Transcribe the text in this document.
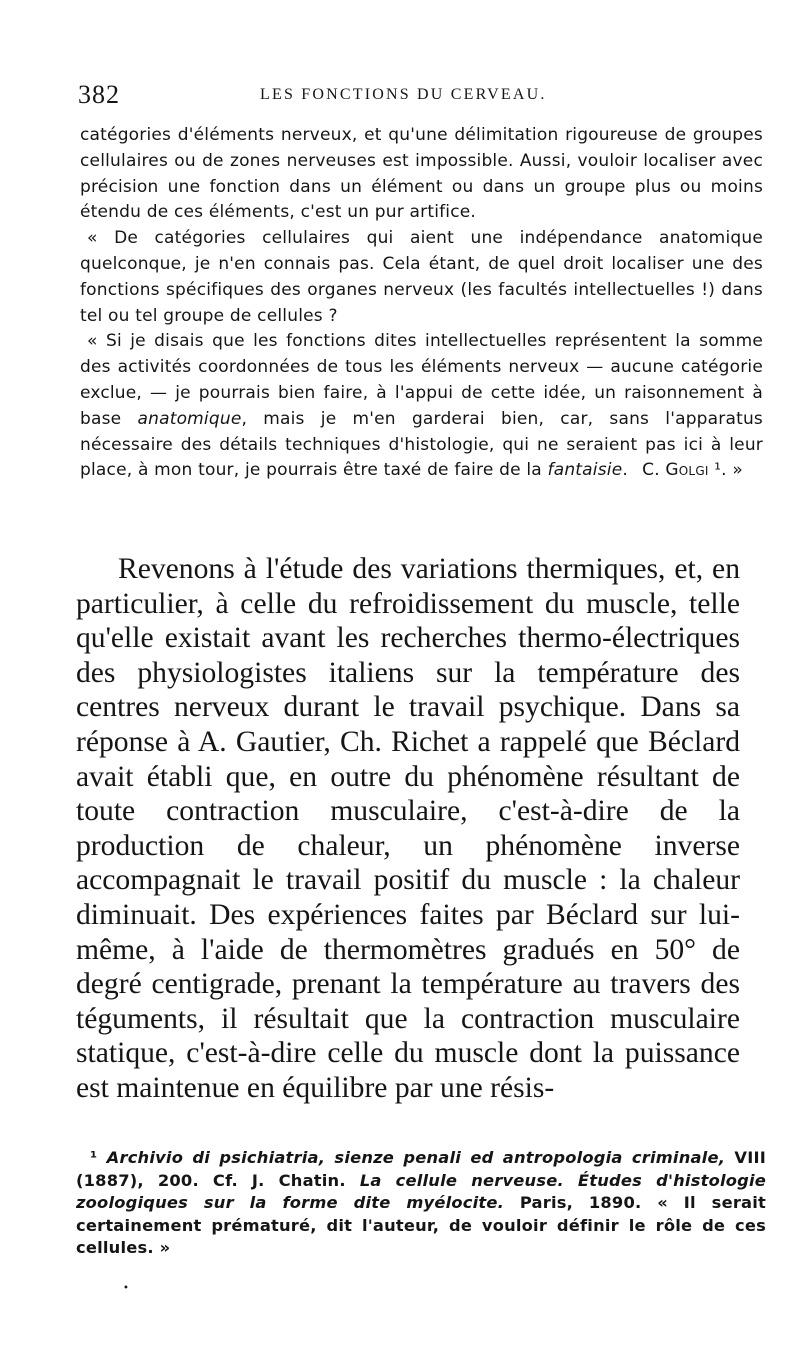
382	LES FONCTIONS DU CERVEAU.

catégories d'éléments nerveux, et qu'une délimitation rigoureuse de groupes cellulaires ou de zones nerveuses est impossible. Aussi, vouloir localiser avec précision une fonction dans un élément ou dans un groupe plus ou moins étendu de ces éléments, c'est un pur artifice.

« De catégories cellulaires qui aient une indépendance anatomique quelconque, je n'en connais pas. Cela étant, de quel droit localiser une des fonctions spécifiques des organes nerveux (les facultés intellectuelles !) dans tel ou tel groupe de cellules ?

« Si je disais que les fonctions dites intellectuelles représentent la somme des activités coordonnées de tous les éléments nerveux — aucune catégorie exclue, — je pourrais bien faire, à l'appui de cette idée, un raisonnement à base anatomique, mais je m'en garderai bien, car, sans l'apparatus nécessaire des détails techniques d'histologie, qui ne seraient pas ici à leur place, à mon tour, je pourrais être taxé de faire de la fantaisie. C. Golgi ¹. »

Revenons à l'étude des variations thermiques, et, en particulier, à celle du refroidissement du muscle, telle qu'elle existait avant les recherches thermo-électriques des physiologistes italiens sur la température des centres nerveux durant le travail psychique. Dans sa réponse à A. Gautier, Ch. Richet a rappelé que Béclard avait établi que, en outre du phénomène résultant de toute contraction musculaire, c'est-à-dire de la production de chaleur, un phénomène inverse accompagnait le travail positif du muscle : la chaleur diminuait. Des expériences faites par Béclard sur lui-même, à l'aide de thermomètres gradués en 50° de degré centigrade, prenant la température au travers des téguments, il résultait que la contraction musculaire statique, c'est-à-dire celle du muscle dont la puissance est maintenue en équilibre par une résis-

¹ Archivio di psichiatria, sienze penali ed antropologia criminale, VIII (1887), 200. Cf. J. Chatin. La cellule nerveuse. Études d'histologie zoologiques sur la forme dite myélocite. Paris, 1890. « Il serait certainement prématuré, dit l'auteur, de vouloir définir le rôle de ces cellules. »

•
